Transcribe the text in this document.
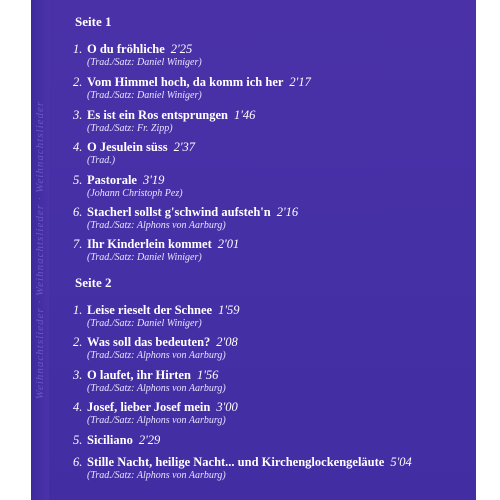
Weihnachtslieder · Weihnachtslieder · Weihnachtslieder
Seite 1
1. O du fröhliche 2'25
(Trad./Satz: Daniel Winiger)
2. Vom Himmel hoch, da komm ich her 2'17
(Trad./Satz: Daniel Winiger)
3. Es ist ein Ros entsprungen 1'46
(Trad./Satz: Fr. Zipp)
4. O Jesulein süss 2'37
(Trad.)
5. Pastorale 3'19
(Johann Christoph Pez)
6. Stacherl sollst g'schwind aufsteh'n 2'16
(Trad./Satz: Alphons von Aarburg)
7. Ihr Kinderlein kommet 2'01
(Trad./Satz: Daniel Winiger)
Seite 2
1. Leise rieselt der Schnee 1'59
(Trad./Satz: Daniel Winiger)
2. Was soll das bedeuten? 2'08
(Trad./Satz: Alphons von Aarburg)
3. O laufet, ihr Hirten 1'56
(Trad./Satz: Alphons von Aarburg)
4. Josef, lieber Josef mein 3'00
(Trad./Satz: Alphons von Aarburg)
5. Siciliano 2'29
6. Stille Nacht, heilige Nacht... und Kirchenglockengeläute 5'04
(Trad./Satz: Alphons von Aarburg)
